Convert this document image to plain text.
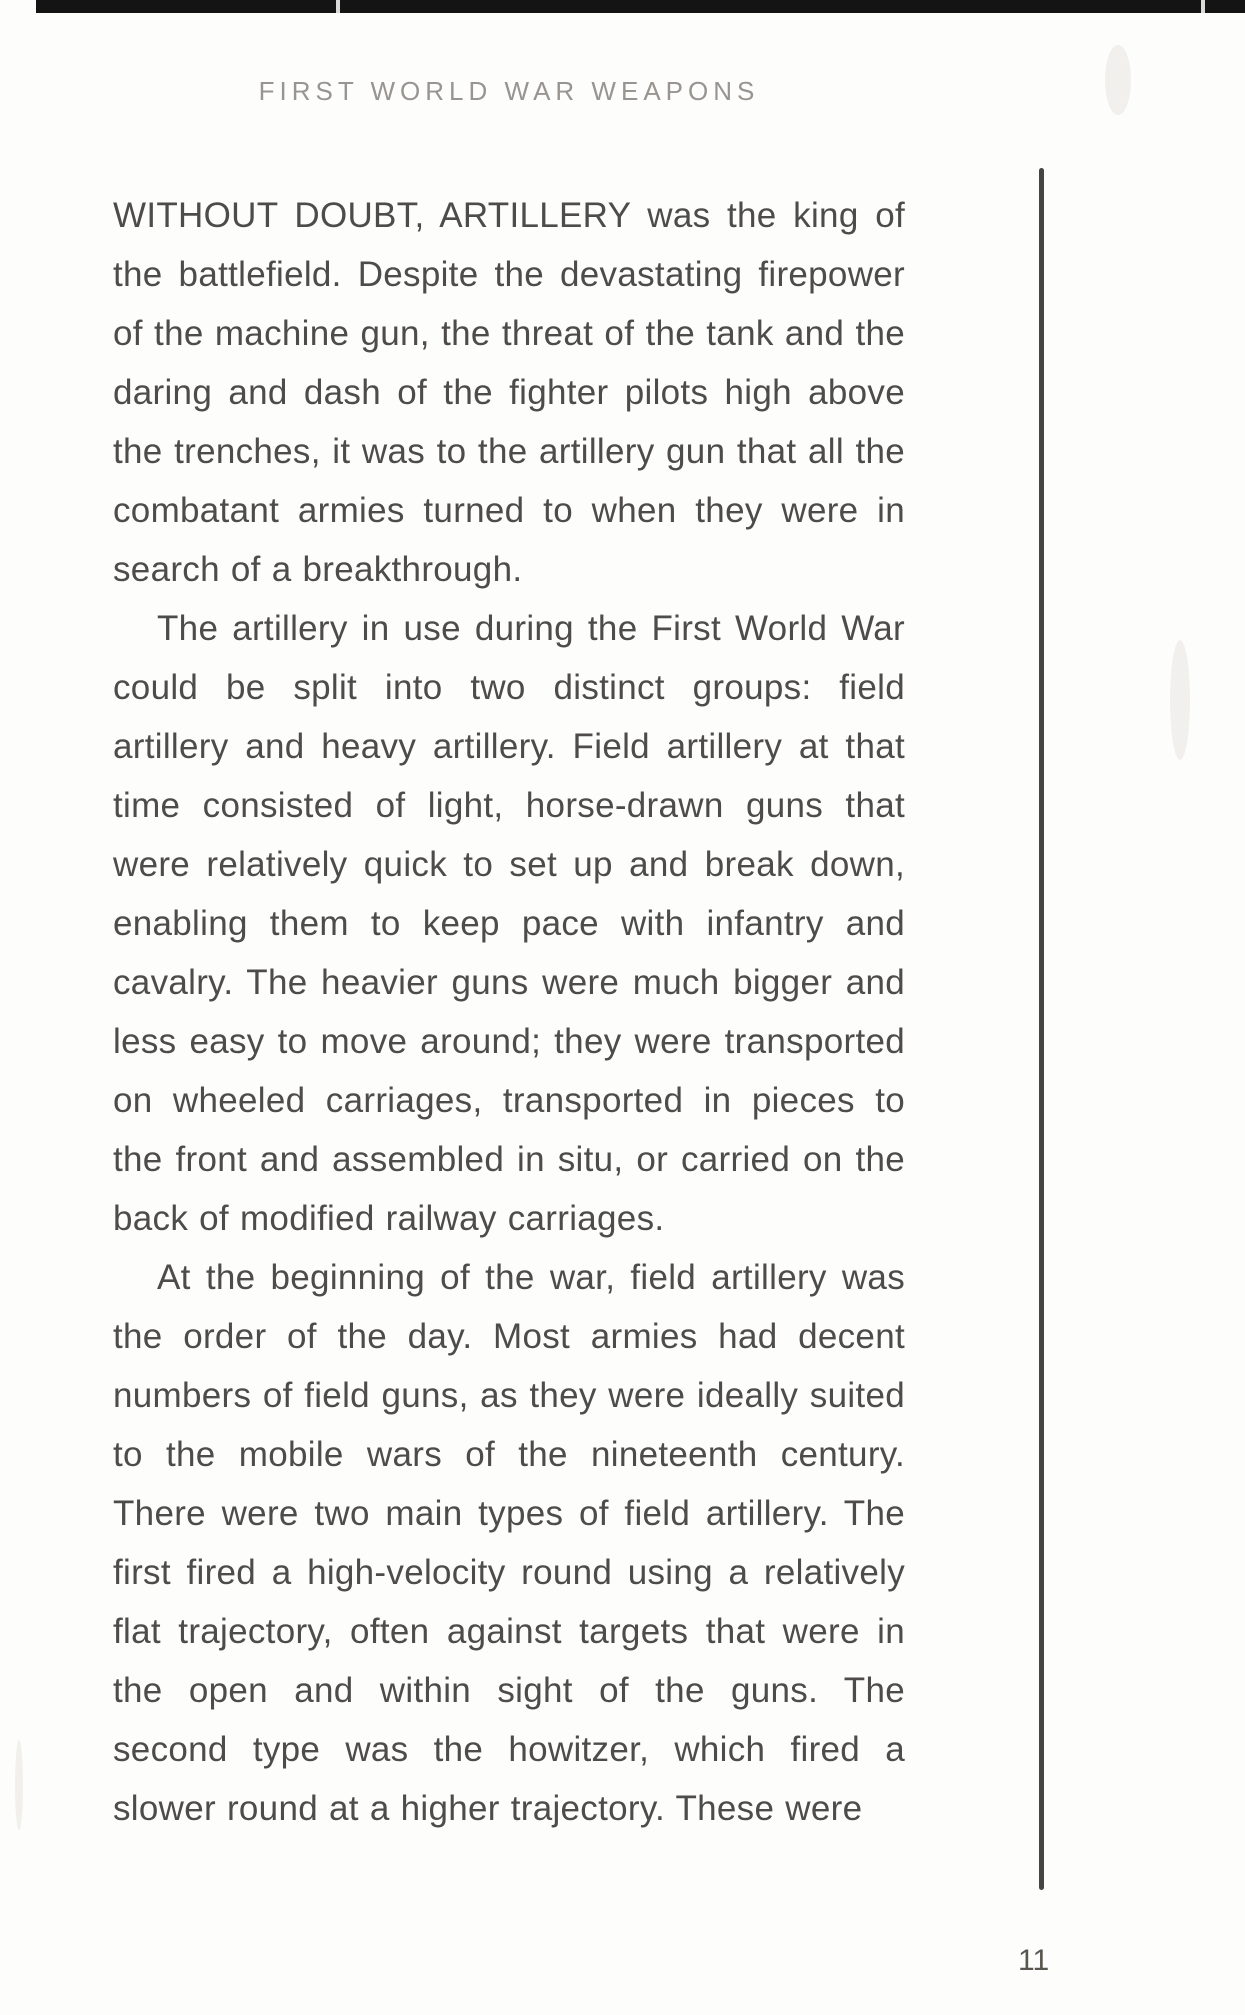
FIRST WORLD WAR WEAPONS

WITHOUT DOUBT, ARTILLERY was the king of the battlefield. Despite the devastating firepower of the machine gun, the threat of the tank and the daring and dash of the fighter pilots high above the trenches, it was to the artillery gun that all the combatant armies turned to when they were in search of a breakthrough.

The artillery in use during the First World War could be split into two distinct groups: field artillery and heavy artillery. Field artillery at that time consisted of light, horse-drawn guns that were relatively quick to set up and break down, enabling them to keep pace with infantry and cavalry. The heavier guns were much bigger and less easy to move around; they were transported on wheeled carriages, transported in pieces to the front and assembled in situ, or carried on the back of modified railway carriages.

At the beginning of the war, field artillery was the order of the day. Most armies had decent numbers of field guns, as they were ideally suited to the mobile wars of the nineteenth century. There were two main types of field artillery. The first fired a high-velocity round using a relatively flat trajectory, often against targets that were in the open and within sight of the guns. The second type was the howitzer, which fired a slower round at a higher trajectory. These were

11
